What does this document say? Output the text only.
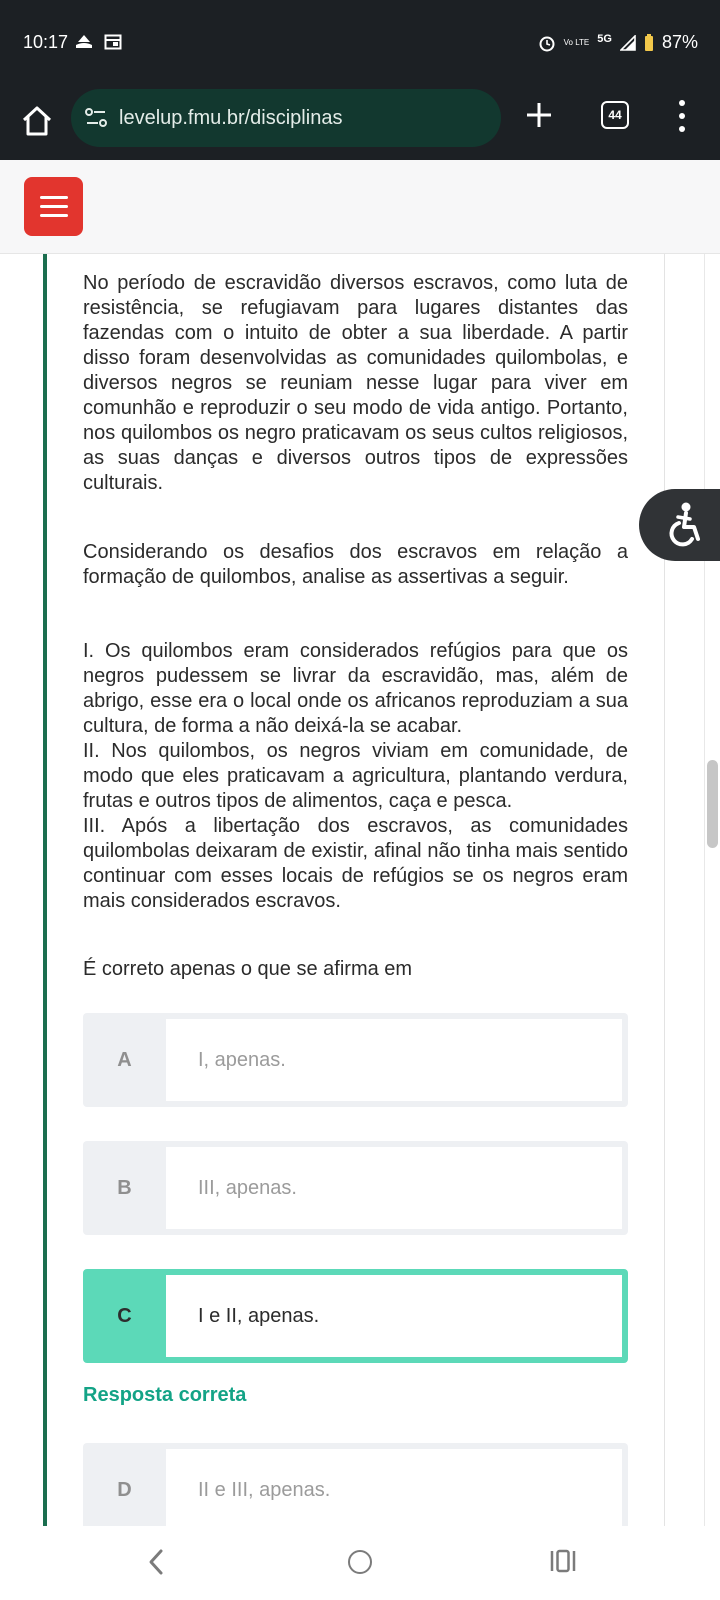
10:17	Vo LTE 5G	87%
levelup.fmu.br/disciplinas	44
No período de escravidão diversos escravos, como luta de resistência, se refugiavam para lugares distantes das fazendas com o intuito de obter a sua liberdade. A partir disso foram desenvolvidas as comunidades quilombolas, e diversos negros se reuniam nesse lugar para viver em comunhão e reproduzir o seu modo de vida antigo. Portanto, nos quilombos os negro praticavam os seus cultos religiosos, as suas danças e diversos outros tipos de expressões culturais.
Considerando os desafios dos escravos em relação a formação de quilombos, analise as assertivas a seguir.
I. Os quilombos eram considerados refúgios para que os negros pudessem se livrar da escravidão, mas, além de abrigo, esse era o local onde os africanos reproduziam a sua cultura, de forma a não deixá-la se acabar.
II. Nos quilombos, os negros viviam em comunidade, de modo que eles praticavam a agricultura, plantando verdura, frutas e outros tipos de alimentos, caça e pesca.
III. Após a libertação dos escravos, as comunidades quilombolas deixaram de existir, afinal não tinha mais sentido continuar com esses locais de refúgios se os negros eram mais considerados escravos.
É correto apenas o que se afirma em
A	I, apenas.
B	III, apenas.
C	I e II, apenas.
Resposta correta
D	II e III, apenas.
